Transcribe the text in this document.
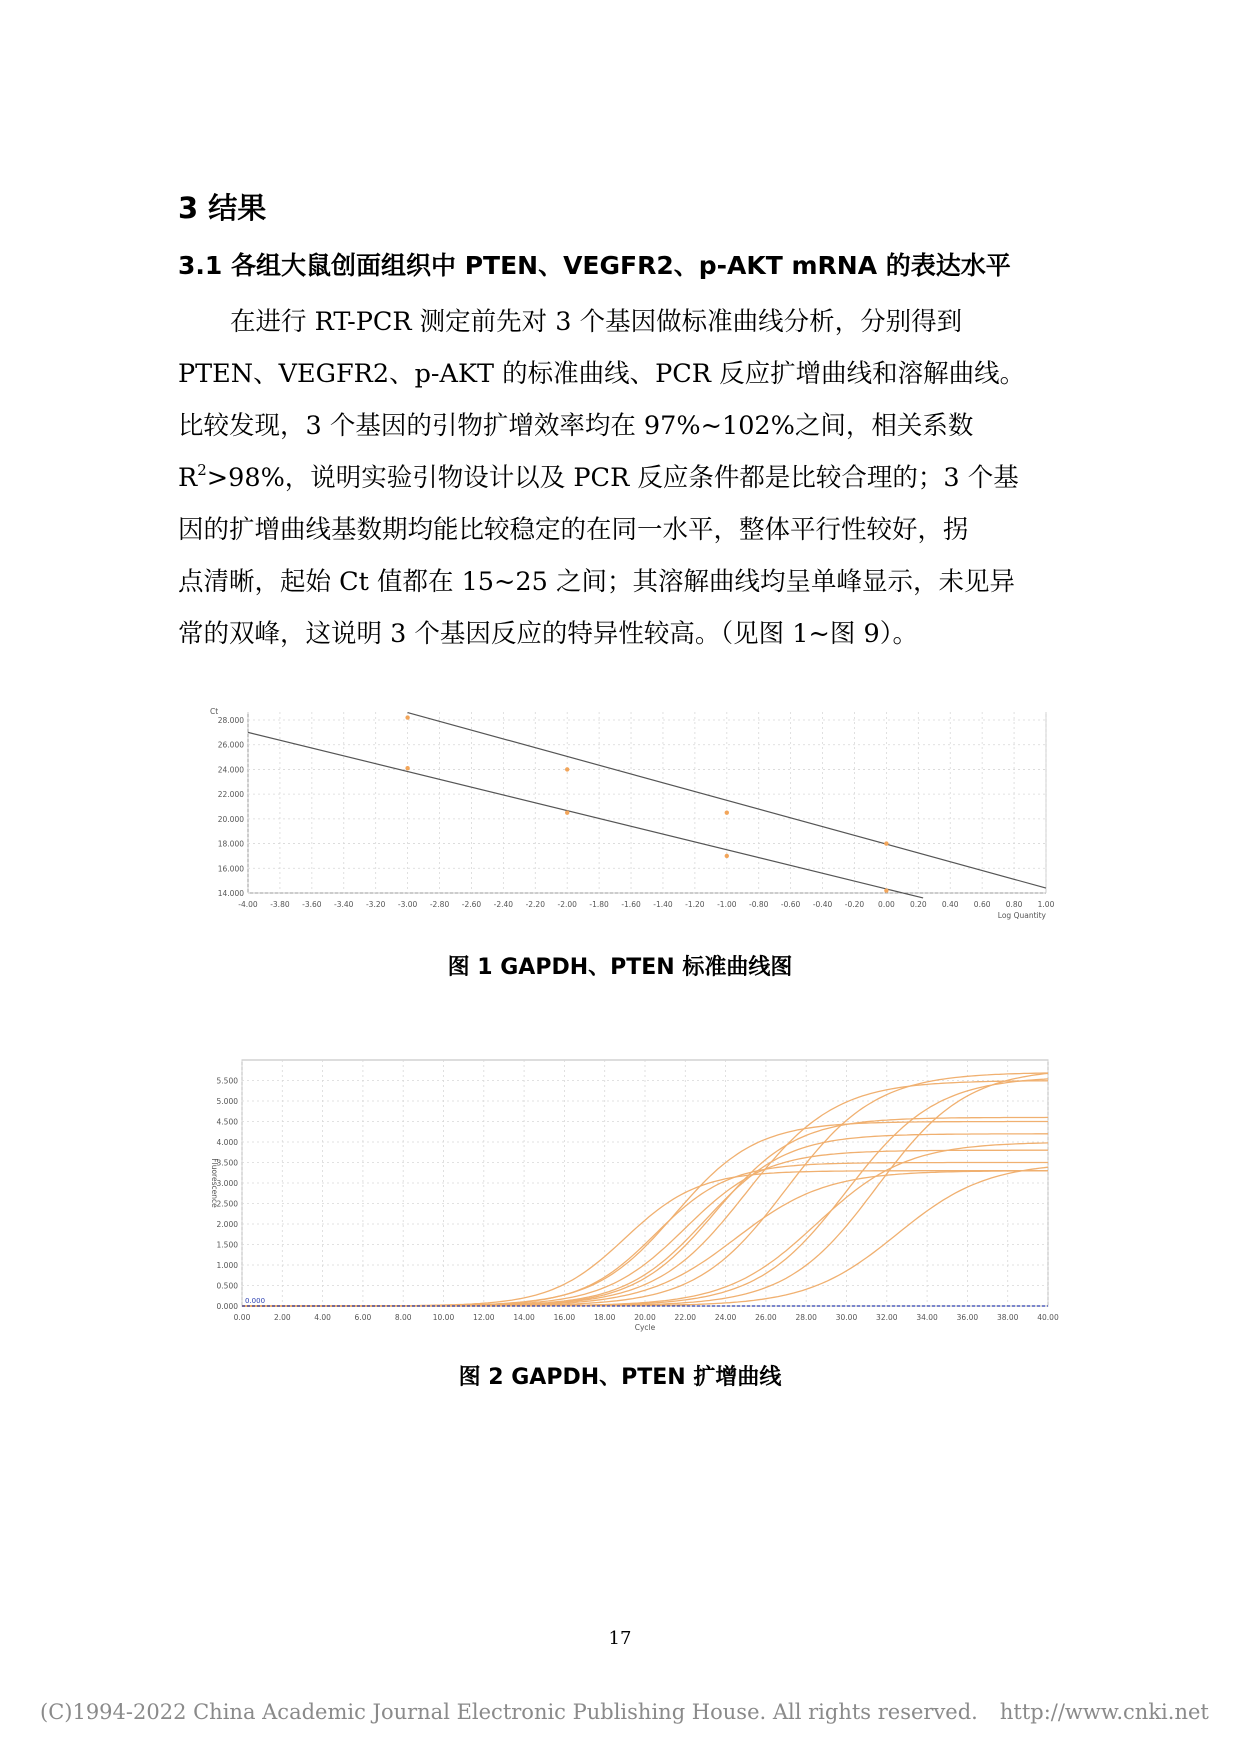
3 结果
3.1 各组大鼠创面组织中 PTEN、VEGFR2、p-AKT mRNA 的表达水平
在进行 RT-PCR 测定前先对 3 个基因做标准曲线分析，分别得到
PTEN、VEGFR2、p-AKT 的标准曲线、PCR 反应扩增曲线和溶解曲线。
比较发现，3 个基因的引物扩增效率均在 97%~102%之间，相关系数
$R^2>98\%$，说明实验引物设计以及 PCR 反应条件都是比较合理的；3 个基
因的扩增曲线基数期均能比较稳定的在同一水平，整体平行性较好，拐
点清晰，起始 Ct 值都在 15~25 之间；其溶解曲线均呈单峰显示，未见异
常的双峰，这说明 3 个基因反应的特异性较高。（见图 1~图 9）。
-4.00 -3.80 -3.60 -3.40 -3.20 -3.00 -2.80 -2.60 -2.40 -2.20 -2.00 -1.80 -1.60 -1.40 -1.20 -1.00 -0.80 -0.60 -0.40 -0.20 0.00 0.20 0.40 0.60 0.80 1.00
14.000
16.000
18.000
20.000
22.000
24.000
26.000
28.000
Ct
Log Quantity
图 1 GAPDH、PTEN 标准曲线图
0.00	2.00	4.00	6.00	8.00	10.00	12.00	14.00	16.00	18.00	20.00	22.00	24.00	26.00	28.00	30.00	32.00	34.00	36.00	38.00	40.00
0.000
0.500
1.000
1.500
2.000
2.500
3.000
3.500
4.000
4.500
5.000
5.500
Fluorescence
Cycle
0.000
图 2 GAPDH、PTEN 扩增曲线
17
(C)1994-2022 China Academic Journal Electronic Publishing House. All rights reserved. http://www.cnki.net
